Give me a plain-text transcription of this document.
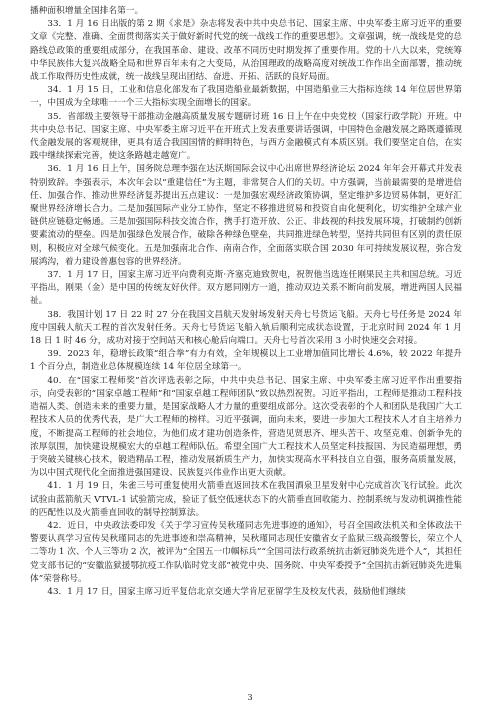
播种面积增量全国排名第一。

33．1 月 16 日出版的第 2 期《求是》杂志将发表中共中央总书记、国家主席、中央军委主席习近平的重要文章《完整、准确、全面贯彻落实关于做好新时代党的统一战线工作的重要思想》。文章强调，统一战线是党的总路线总政策的重要组成部分，在我国革命、建设、改革不同历史时期发挥了重要作用。党的十八大以来，党统筹中华民族伟大复兴战略全局和世界百年未有之大变局，从治国理政的战略高度对统战工作作出全面部署，推动统战工作取得历史性成就，统一战线呈现出团结、奋进、开拓、活跃的良好局面。

34．1 月 15 日，工业和信息化部发布了我国造船业最新数据，中国造船业三大指标连续 14 年位居世界第一，中国成为全球唯一一个三大指标实现全面增长的国家。

35．省部级主要领导干部推动金融高质量发展专题研讨班 16 日上午在中央党校（国家行政学院）开班。中共中央总书记、国家主席、中央军委主席习近平在开班式上发表重要讲话强调，中国特色金融发展之路既遵循现代金融发展的客观规律，更具有适合我国国情的鲜明特色，与西方金融模式有本质区别。我们要坚定自信，在实践中继续探索完善，使这条路越走越宽广。

36．1 月 16 日上午，国务院总理李强在达沃斯国际会议中心出席世界经济论坛 2024 年年会开幕式并发表特别致辞。李强表示，本次年会以“重建信任”为主题，非常契合人们的关切。中方强调，当前最需要的是增进信任、加强合作、推动世界经济复苏提出五点建议：一是加强宏观经济政策协调，坚定维护多边贸易体制，更好汇聚世界经济增长合力。二是加强国际产业分工协作，坚定不移推进贸易和投资自由化便利化，切实维护全球产业链供应链稳定畅通。三是加强国际科技交流合作，携手打造开放、公正、非歧视的科技发展环境，打破制约创新要素流动的壁垒。四是加强绿色发展合作，破除各种绿色壁垒，共同推进绿色转型，坚持共同但有区别的责任原则，积极应对全球气候变化。五是加强南北合作、南南合作，全面落实联合国 2030 年可持续发展议程，弥合发展鸿沟，着力建设普惠包容的世界经济。

37．1 月 17 日，国家主席习近平向费利克斯·齐塞克迪致贺电，祝贺他当选连任刚果民主共和国总统。习近平指出，刚果（金）是中国的传统友好伙伴。双方愿同刚方一道，推动双边关系不断向前发展，增进两国人民福祉。

38．我国计划 17 日 22 时 27 分在我国文昌航天发射场发射天舟七号货运飞船。天舟七号任务是 2024 年度中国载人航天工程的首次发射任务。天舟七号货运飞船入轨后顺利完成状态设置，于北京时间 2024 年 1 月 18 日 1 时 46 分，成功对接于空间站天和核心舱后向端口。天舟七号首次采用 3 小时快速交会对接。

39．2023 年，稳增长政策“组合拳”有力有效，全年规模以上工业增加值同比增长 4.6%，较 2022 年提升 1 个百分点，制造业总体规模连续 14 年位居全球第一。

40．在“国家工程师奖”首次评选表彰之际，中共中央总书记、国家主席、中央军委主席习近平作出重要指示，向受表彰的“国家卓越工程师”和“国家卓越工程师团队”致以热烈祝贺。习近平指出，工程师是推动工程科技造福人类、创造未来的重要力量，是国家战略人才力量的重要组成部分。这次受表彰的个人和团队是我国广大工程技术人员的优秀代表，是广大工程师的榜样。习近平强调，面向未来，要进一步加大工程技术人才自主培养力度，不断提高工程师的社会地位，为他们成才建功创造条件，营造见贤思齐、埋头苦干、攻坚克难、创新争先的浓厚氛围，加快建设规模宏大的卓越工程师队伍。希望全国广大工程技术人员坚定科技报国、为民造福理想，勇于突破关键核心技术，锻造精品工程，推动发展新质生产力，加快实现高水平科技自立自强，服务高质量发展，为以中国式现代化全面推进强国建设、民族复兴伟业作出更大贡献。

41．1 月 19 日，朱雀三号可重复使用火箭垂直返回技术在我国酒泉卫星发射中心完成首次飞行试验。此次试验由蓝箭航天 VTVL-1 试验箭完成，验证了低空低速状态下的火箭垂直回收能力、控制系统与发动机调推性能的匹配性以及火箭垂直回收的制导控制算法。

42．近日，中央政法委印发《关于学习宣传吴秋瑾同志先进事迹的通知》，号召全国政法机关和全体政法干警要认真学习宣传吴秋瑾同志的先进事迹和崇高精神，吴秋瑾同志现任安徽省女子监狱三级高级警长，荣立个人二等功 1 次、个人三等功 2 次，被评为“全国五一巾帼标兵”“全国司法行政系统抗击新冠肺炎先进个人”，其担任党支部书记的“安徽监狱援鄂抗疫工作队临时党支部”被党中央、国务院、中央军委授予“全国抗击新冠肺炎先进集体”荣誉称号。

43．1 月 17 日，国家主席习近平复信北京交通大学肯尼亚留学生及校友代表，鼓励他们继续

3
